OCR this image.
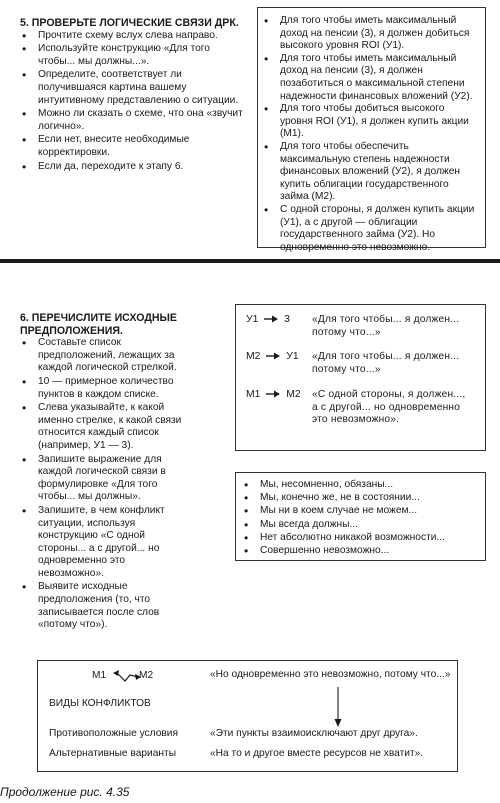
5. ПРОВЕРЬТЕ ЛОГИЧЕСКИЕ СВЯЗИ ДРК.
• Прочтите схему вслух слева направо.
• Используйте конструкцию «Для того чтобы... мы должны...».
• Определите, соответствует ли получившаяся картина вашему интуитивному представлению о ситуации.
• Можно ли сказать о схеме, что она «звучит логично».
• Если нет, внесите необходимые корректировки.
• Если да, переходите к этапу 6.
• Для того чтобы иметь максимальный доход на пенсии (3), я должен добиться высокого уровня ROI (У1).
• Для того чтобы иметь максимальный доход на пенсии (3), я должен позаботиться о максимальной степени надежности финансовых вложений (У2).
• Для того чтобы добиться высокого уровня ROI (У1), я должен купить акции (М1).
• Для того чтобы обеспечить максимальную степень надежности финансовых вложений (У2), я должен купить облигации государственного займа (М2).
• С одной стороны, я должен купить акции (У1), а с другой — облигации государственного займа (У2). Но одновременно это невозможно.
6. ПЕРЕЧИСЛИТЕ ИСХОДНЫЕ ПРЕДПОЛОЖЕНИЯ.
• Составьте список предположений, лежащих за каждой логической стрелкой.
• 10 — примерное количество пунктов в каждом списке.
• Слева указывайте, к какой именно стрелке, к какой связи относится каждый список (например, У1 — 3).
• Запишите выражение для каждой логической связи в формулировке «Для того чтобы... мы должны».
• Запишите, в чем конфликт ситуации, используя конструкцию «С одной стороны... а с другой... но одновременно это невозможно».
• Выявите исходные предположения (то, что записывается после слов «потому что»).
У1 3	«Для того чтобы... я должен... потому что...»
М2 У1	«Для того чтобы... я должен... потому что...»
М1 М2	«С одной стороны, я должен..., а с другой... но одновременно это невозможно».
• Мы, несомненно, обязаны...
• Мы, конечно же, не в состоянии...
• Мы ни в коем случае не можем...
• Мы всегда должны...
• Нет абсолютно никакой возможности...
• Совершенно невозможно...
М1	М2	«Но одновременно это невозможно, потому что...»
ВИДЫ КОНФЛИКТОВ
Противоположные условия	«Эти пункты взаимоисключают друг друга».
Альтернативные варианты	«На то и другое вместе ресурсов не хватит».
Продолжение рис. 4.35
